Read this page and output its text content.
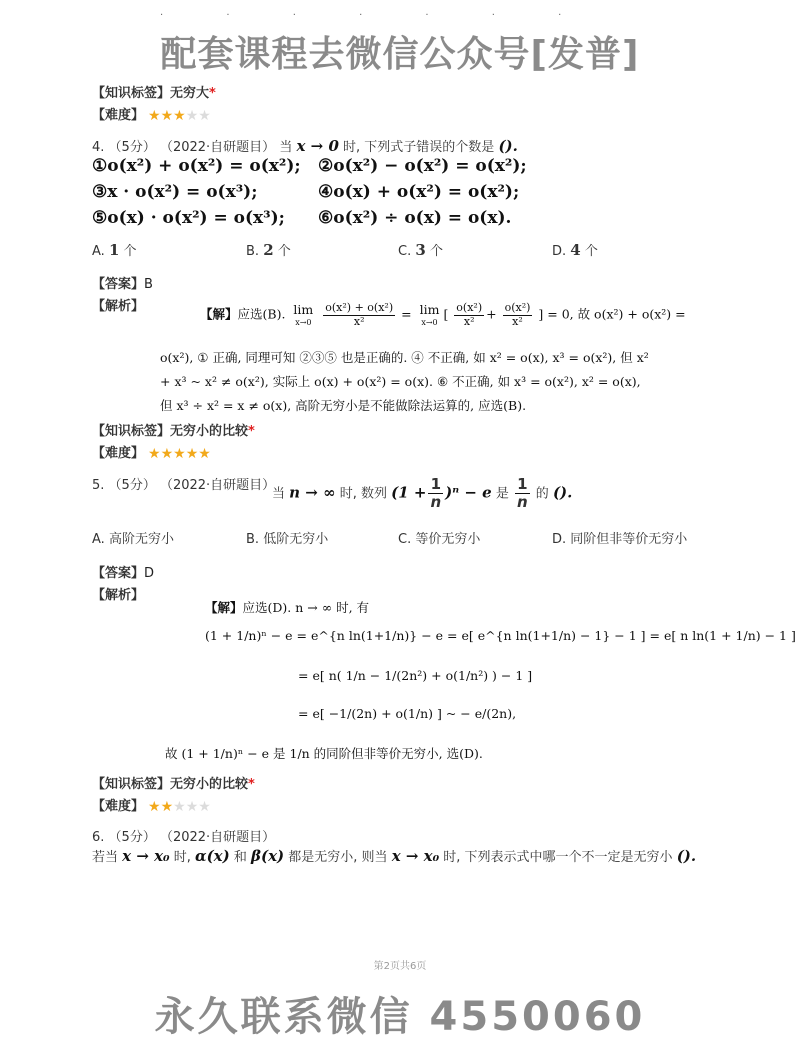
· · · · · · ·
配套课程去微信公众号[发普]
【知识标签】无穷大*
【难度】 ★★★★★
4. （5分） （2022·自研题目） 当 x → 0 时, 下列式子错误的个数是 ().
①o(x²) + o(x²) = o(x²); ②o(x²) − o(x²) = o(x²);
③x · o(x²) = o(x³);	④o(x) + o(x²) = o(x²);
⑤o(x) · o(x²) = o(x³); ⑥o(x²) ÷ o(x) = o(x).
A. 1 个	B. 2 个	C. 3 个	D. 4 个
【答案】B
【解析】
【解】应选(B). lim
x→0
	$\frac{\text{o(x²) + o(x²)}}{\text{x²}} = \lim$
x→0
[ $\frac{\text{o(x²)}}{\text{x²}} + \frac{\text{o(x²)}}{\text{x²}}$ ] = 0, 故 o(x²) + o(x²) =
o(x²), ① 正确, 同理可知 ②③⑤ 也是正确的. ④ 不正确, 如 x² = o(x), x³ = o(x²), 但 x²
+ x³ ~ x² ≠ o(x²), 实际上 o(x) + o(x²) = o(x). ⑥ 不正确, 如 x³ = o(x²), x² = o(x),
但 x³ ÷ x² = x ≠ o(x), 高阶无穷小是不能做除法运算的, 应选(B).
【知识标签】无穷小的比较*
【难度】 ★★★★★
5. （5分） （2022·自研题目）
当 n → ∞ 时, 数列 $(1 + \frac{1}{n} )^n - e$ 是 $\frac{1}{n}$ 的 ().
A. 高阶无穷小	B. 低阶无穷小	C. 等价无穷小	D. 同阶但非等价无穷小
【答案】D
【解析】
【解】应选(D). n → ∞ 时, 有
(1 + 1/n)ⁿ − e = e^{n ln(1+1/n)} − e = e[ e^{n ln(1+1/n) − 1} − 1 ] = e[ n ln(1 + 1/n) − 1 ]
= e[ n( 1/n − 1/(2n²) + o(1/n²) ) − 1 ]
= e[ −1/(2n) + o(1/n) ] ~ − e/(2n),
故 (1 + 1/n)ⁿ − e 是 1/n 的同阶但非等价无穷小, 选(D).
【知识标签】无穷小的比较*
【难度】 ★★★★★
6. （5分） （2022·自研题目）
若当 x → x₀ 时, α(x) 和 β(x) 都是无穷小, 则当 x → x₀ 时, 下列表示式中哪一个不一定是无穷小 ().
第2页共6页
永久联系微信 4550060
